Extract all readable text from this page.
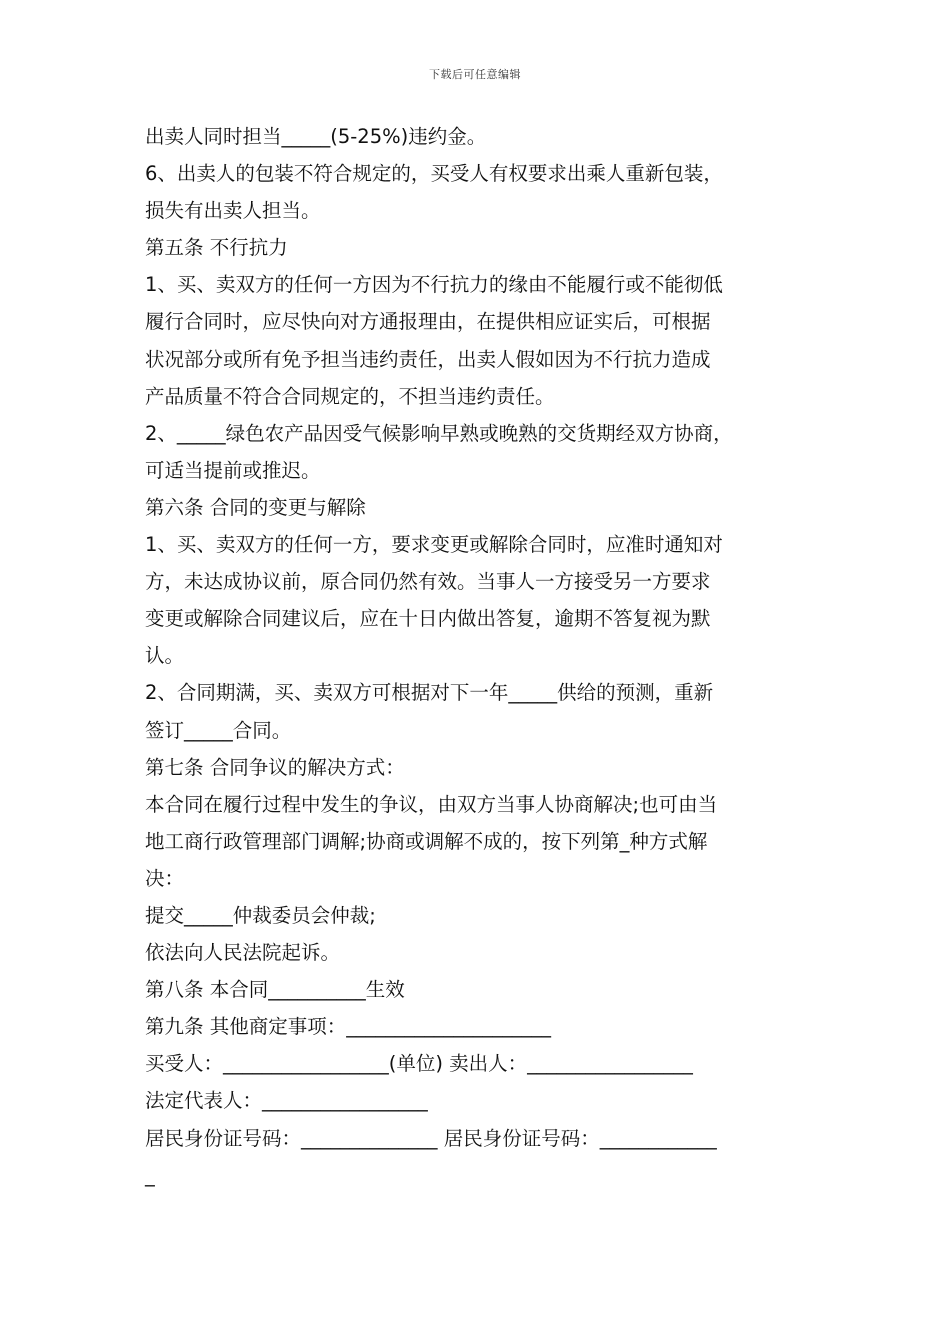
下载后可任意编辑
出卖人同时担当_____(5-25%)违约金。
6、出卖人的包装不符合规定的，买受人有权要求出乘人重新包装，
损失有出卖人担当。
第五条 不行抗力
1、买、卖双方的任何一方因为不行抗力的缘由不能履行或不能彻低
履行合同时，应尽快向对方通报理由，在提供相应证实后，可根据
状况部分或所有免予担当违约责任，出卖人假如因为不行抗力造成
产品质量不符合合同规定的，不担当违约责任。
2、_____绿色农产品因受气候影响早熟或晚熟的交货期经双方协商，
可适当提前或推迟。
第六条 合同的变更与解除
1、买、卖双方的任何一方，要求变更或解除合同时，应准时通知对
方，未达成协议前，原合同仍然有效。当事人一方接受另一方要求
变更或解除合同建议后，应在十日内做出答复，逾期不答复视为默
认。
2、合同期满，买、卖双方可根据对下一年_____供给的预测，重新
签订_____合同。
第七条 合同争议的解决方式：
本合同在履行过程中发生的争议，由双方当事人协商解决;也可由当
地工商行政管理部门调解;协商或调解不成的，按下列第_种方式解
决：
提交_____仲裁委员会仲裁;
依法向人民法院起诉。
第八条 本合同__________生效
第九条 其他商定事项：_____________________
买受人：_________________(单位) 卖出人：_________________
法定代表人：_________________
居民身份证号码：______________ 居民身份证号码：____________
_
